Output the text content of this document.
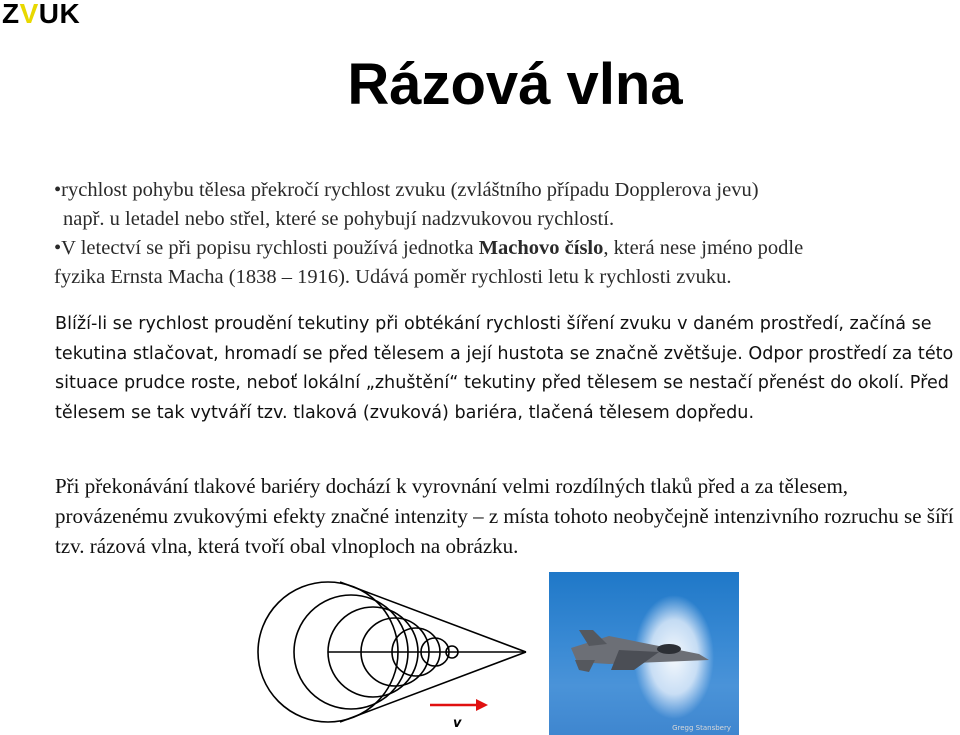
ZVUK
Rázová vlna

•rychlost pohybu tělesa překročí rychlost zvuku (zvláštního případu Dopplerova jevu)
např. u letadel nebo střel, které se pohybují nadzvukovou rychlostí.

•V letectví se při popisu rychlosti používá jednotka Machovo číslo, která nese jméno podle
fyzika Ernsta Macha (1838 – 1916). Udává poměr rychlosti letu k rychlosti zvuku.

Blíží-li se rychlost proudění tekutiny při obtékání rychlosti šíření zvuku v daném prostředí, začíná se tekutina stlačovat, hromadí se před tělesem a její hustota se značně zvětšuje. Odpor prostředí za této situace prudce roste, neboť lokální „zhuštění“ tekutiny před tělesem se nestačí přenést do okolí. Před tělesem se tak vytváří tzv. tlaková (zvuková) bariéra, tlačená tělesem dopředu.
Při překonávání tlakové bariéry dochází k vyrovnání velmi rozdílných tlaků před a za tělesem, provázenému zvukovými efekty značné intenzity – z místa tohoto neobyčejně intenzivního rozruchu se šíří tzv. rázová vlna, která tvoří obal vlnoploch na obrázku.
v	Gregg Stansbery
